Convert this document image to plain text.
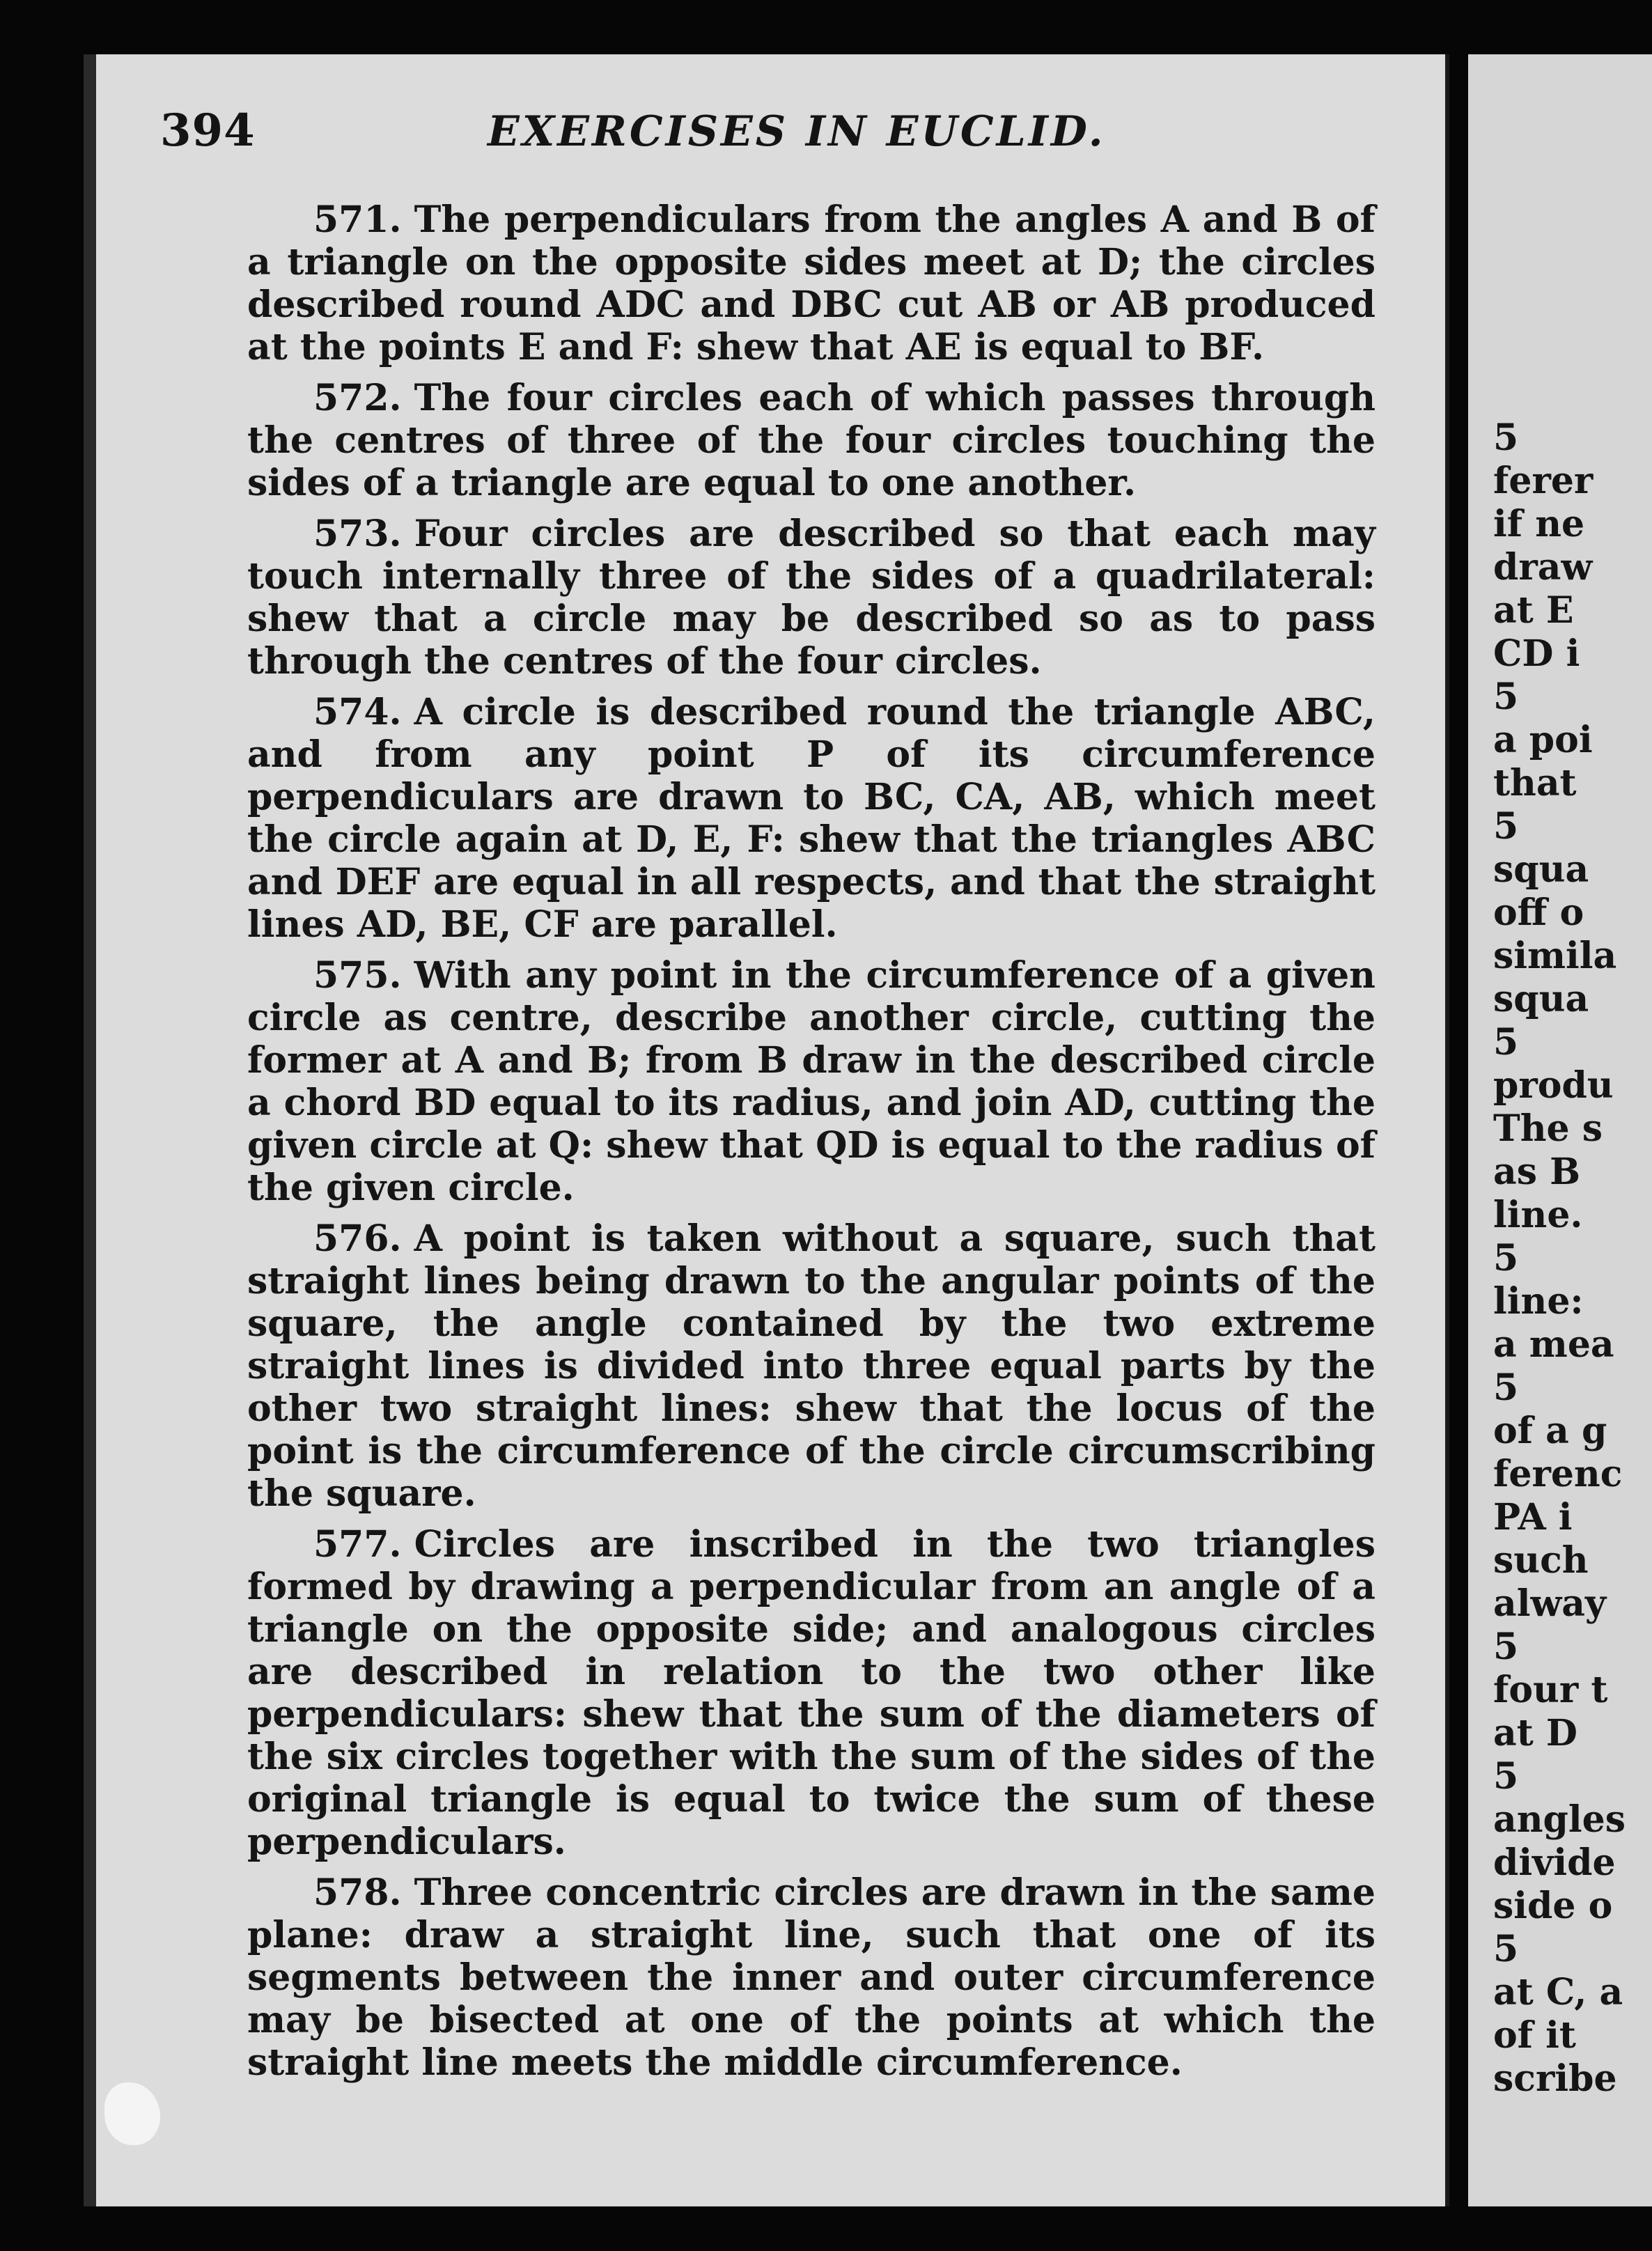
394	EXERCISES IN EUCLID.

571. The perpendiculars from the angles A and B of a triangle on the opposite sides meet at D; the circles described round ADC and DBC cut AB or AB produced at the points E and F: shew that AE is equal to BF.

572. The four circles each of which passes through the centres of three of the four circles touching the sides of a triangle are equal to one another.

573. Four circles are described so that each may touch internally three of the sides of a quadrilateral: shew that a circle may be described so as to pass through the centres of the four circles.

574. A circle is described round the triangle ABC, and from any point P of its circumference perpendiculars are drawn to BC, CA, AB, which meet the circle again at D, E, F: shew that the triangles ABC and DEF are equal in all respects, and that the straight lines AD, BE, CF are parallel.

575. With any point in the circumference of a given circle as centre, describe another circle, cutting the former at A and B; from B draw in the described circle a chord BD equal to its radius, and join AD, cutting the given circle at Q: shew that QD is equal to the radius of the given circle.

576. A point is taken without a square, such that straight lines being drawn to the angular points of the square, the angle contained by the two extreme straight lines is divided into three equal parts by the other two straight lines: shew that the locus of the point is the circumference of the circle circumscribing the square.

577. Circles are inscribed in the two triangles formed by drawing a perpendicular from an angle of a triangle on the opposite side; and analogous circles are described in relation to the two other like perpendiculars: shew that the sum of the diameters of the six circles together with the sum of the sides of the original triangle is equal to twice the sum of these perpendiculars.

578. Three concentric circles are drawn in the same plane: draw a straight line, such that one of its segments between the inner and outer circumference may be bisected at one of the points at which the straight line meets the middle circumference.

5
ferer
if ne
draw
at E
CD i
5
a poi
that
5
squa
off o
simila
squa
5
produ
The s
as B
line.
5
line:
a mea
5
of a g
ferenc
PA i
such
alway
5
four t
at D
5
angles
divide
side o
5
at C, a
of it
scribe
